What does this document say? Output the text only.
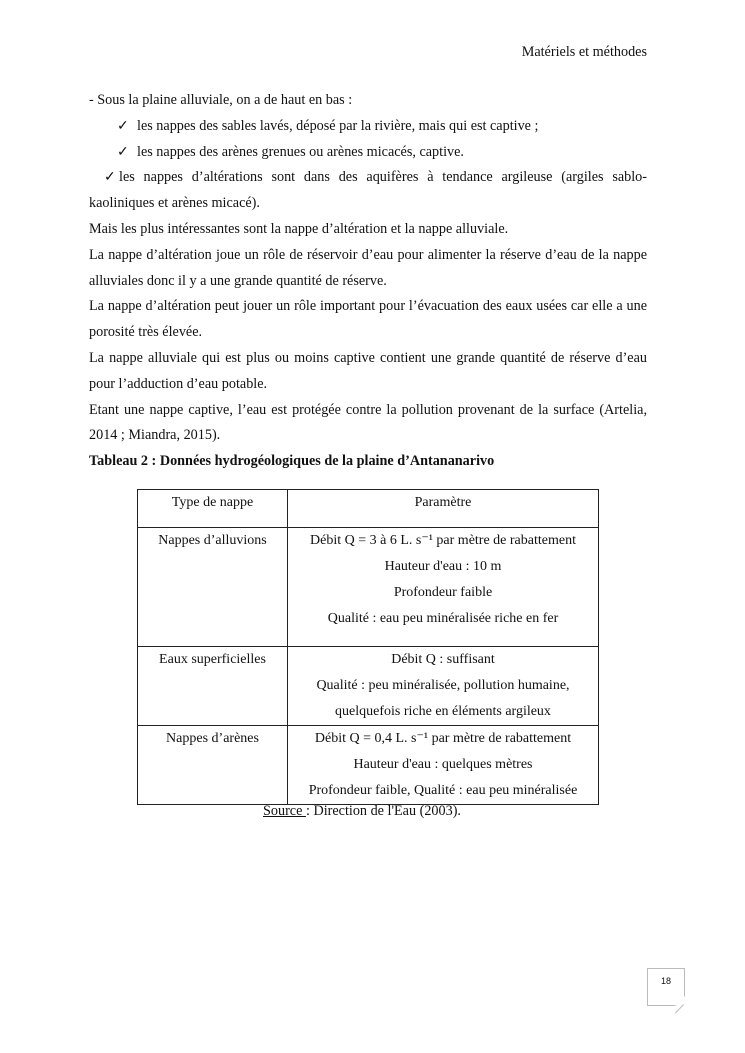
Matériels et méthodes

- Sous la plaine alluviale, on a de haut en bas :

✓ les nappes des sables lavés, déposé par la rivière, mais qui est captive ;

✓ les nappes des arènes grenues ou arènes micacés, captive.

✓ les nappes d’altérations sont dans des aquifères à tendance argileuse (argiles sablo-kaoliniques et arènes micacé).

Mais les plus intéressantes sont la nappe d’altération et la nappe alluviale.

La nappe d’altération joue un rôle de réservoir d’eau pour alimenter la réserve d’eau de la nappe alluviales donc il y a une grande quantité de réserve.

La nappe d’altération peut jouer un rôle important pour l’évacuation des eaux usées car elle a une porosité très élevée.

La nappe alluviale qui est plus ou moins captive contient une grande quantité de réserve d’eau pour l’adduction d’eau potable.

Etant une nappe captive, l’eau est protégée contre la pollution provenant de la surface (Artelia, 2014 ; Miandra, 2015).

Tableau 2 : Données hydrogéologiques de la plaine d’Antananarivo

Type de nappe	Paramètre
Nappes d’alluvions	Débit Q = 3 à 6 L. s⁻¹ par mètre de rabattement
Hauteur d'eau : 10 m
Profondeur faible
Qualité : eau peu minéralisée riche en fer

Eaux superficielles	Débit Q : suffisant
Qualité : peu minéralisée, pollution humaine,
quelquefois riche en éléments argileux

Nappes d’arènes	Débit Q = 0,4 L. s⁻¹ par mètre de rabattement
Hauteur d'eau : quelques mètres
Profondeur faible, Qualité : eau peu minéralisée
Source : Direction de l'Eau (2003).
18
